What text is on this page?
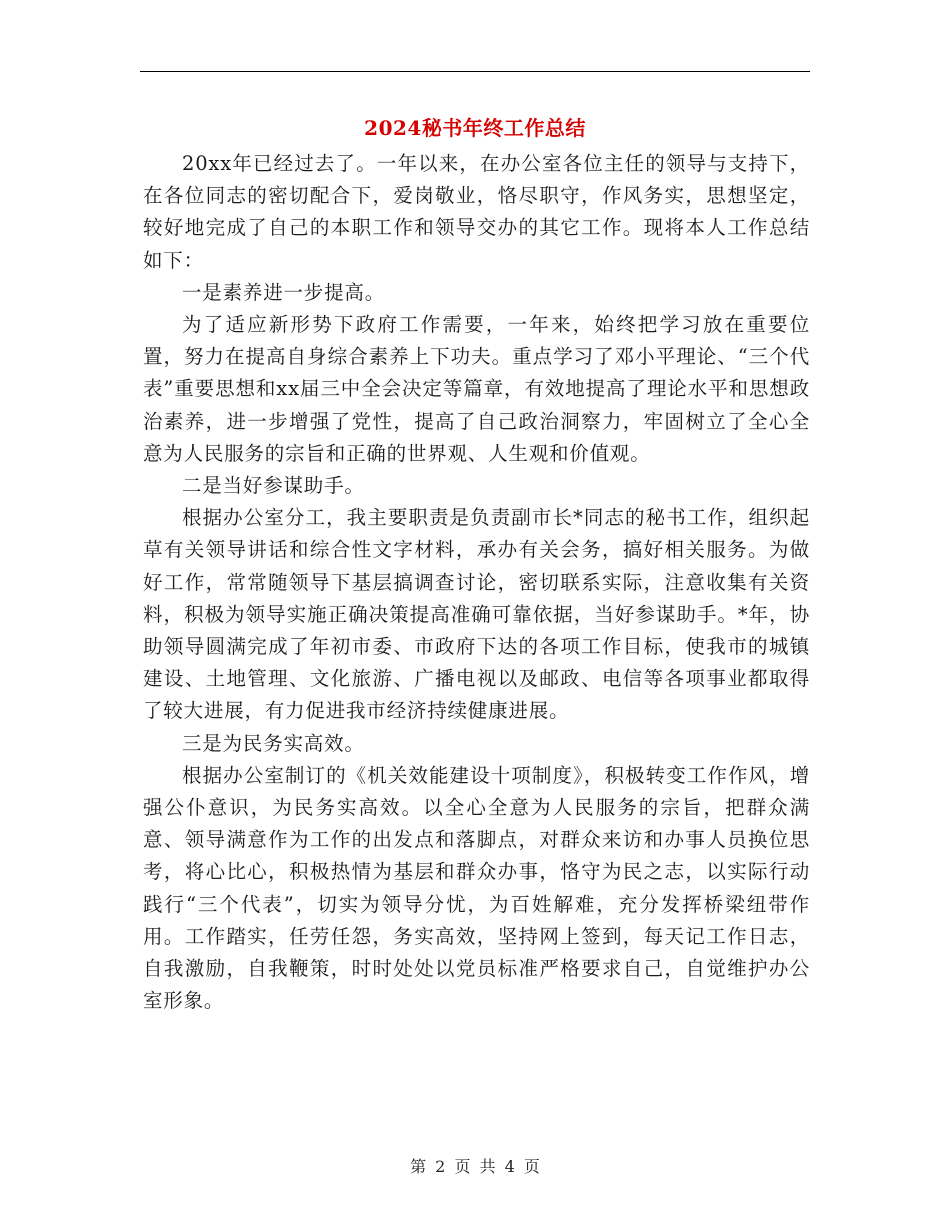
2024秘书年终工作总结

20xx年已经过去了。一年以来，在办公室各位主任的领导与支持下，在各位同志的密切配合下，爱岗敬业，恪尽职守，作风务实，思想坚定，较好地完成了自己的本职工作和领导交办的其它工作。现将本人工作总结如下：

一是素养进一步提高。

为了适应新形势下政府工作需要，一年来，始终把学习放在重要位置，努力在提高自身综合素养上下功夫。重点学习了邓小平理论、“三个代表”重要思想和xx届三中全会决定等篇章，有效地提高了理论水平和思想政治素养，进一步增强了党性，提高了自己政治洞察力，牢固树立了全心全意为人民服务的宗旨和正确的世界观、人生观和价值观。

二是当好参谋助手。

根据办公室分工，我主要职责是负责副市长*同志的秘书工作，组织起草有关领导讲话和综合性文字材料，承办有关会务，搞好相关服务。为做好工作，常常随领导下基层搞调查讨论，密切联系实际，注意收集有关资料，积极为领导实施正确决策提高准确可靠依据，当好参谋助手。*年，协助领导圆满完成了年初市委、市政府下达的各项工作目标，使我市的城镇建设、土地管理、文化旅游、广播电视以及邮政、电信等各项事业都取得了较大进展，有力促进我市经济持续健康进展。

三是为民务实高效。

根据办公室制订的《机关效能建设十项制度》，积极转变工作作风，增强公仆意识，为民务实高效。以全心全意为人民服务的宗旨，把群众满意、领导满意作为工作的出发点和落脚点，对群众来访和办事人员换位思考，将心比心，积极热情为基层和群众办事，恪守为民之志，以实际行动践行“三个代表”，切实为领导分忧，为百姓解难，充分发挥桥梁纽带作用。工作踏实，任劳任怨，务实高效，坚持网上签到，每天记工作日志，自我激励，自我鞭策，时时处处以党员标准严格要求自己，自觉维护办公室形象。

第 2 页 共 4 页
